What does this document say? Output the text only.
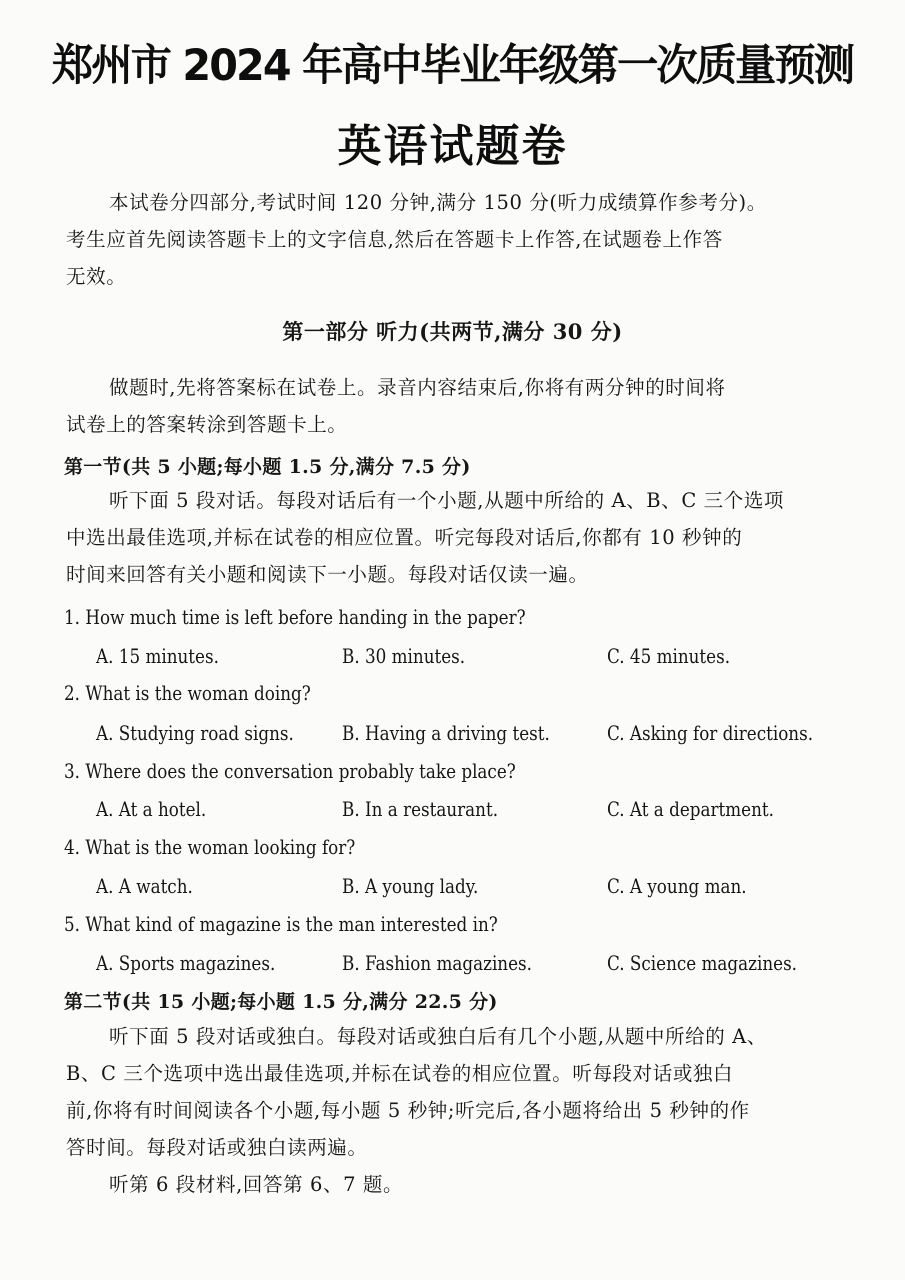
郑州市 2024 年高中毕业年级第一次质量预测
英语试题卷

本试卷分四部分,考试时间 120 分钟,满分 150 分(听力成绩算作参考分)。

考生应首先阅读答题卡上的文字信息,然后在答题卡上作答,在试题卷上作答

无效。

第一部分 听力(共两节,满分 30 分)

做题时,先将答案标在试卷上。录音内容结束后,你将有两分钟的时间将

试卷上的答案转涂到答题卡上。

第一节(共 5 小题;每小题 1.5 分,满分 7.5 分)

听下面 5 段对话。每段对话后有一个小题,从题中所给的 A、B、C 三个选项

中选出最佳选项,并标在试卷的相应位置。听完每段对话后,你都有 10 秒钟的

时间来回答有关小题和阅读下一小题。每段对话仅读一遍。

1. How much time is left before handing in the paper?
A. 15 minutes.	B. 30 minutes.	C. 45 minutes.
2. What is the woman doing?
A. Studying road signs. B. Having a driving test.	C. Asking for directions.
3. Where does the conversation probably take place?
A. At a hotel.	B. In a restaurant.	C. At a department.
4. What is the woman looking for?
A. A watch.	B. A young lady.	C. A young man.
5. What kind of magazine is the man interested in?
A. Sports magazines.	B. Fashion magazines.	C. Science magazines.
第二节(共 15 小题;每小题 1.5 分,满分 22.5 分)

听下面 5 段对话或独白。每段对话或独白后有几个小题,从题中所给的 A、

B、C 三个选项中选出最佳选项,并标在试卷的相应位置。听每段对话或独白

前,你将有时间阅读各个小题,每小题 5 秒钟;听完后,各小题将给出 5 秒钟的作

答时间。每段对话或独白读两遍。

听第 6 段材料,回答第 6、7 题。
